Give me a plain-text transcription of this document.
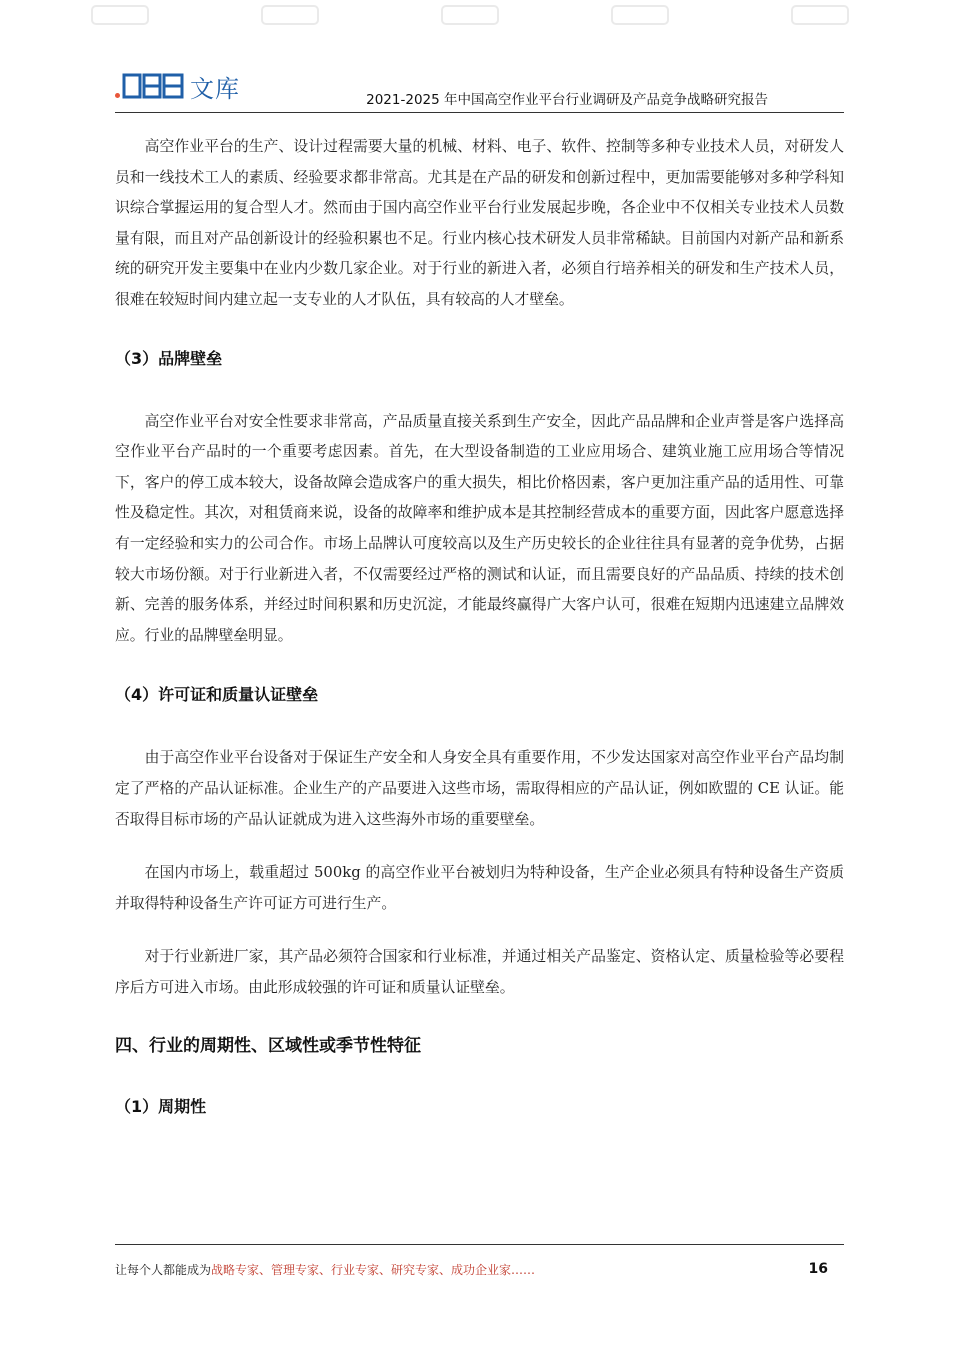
文库	2021-2025 年中国高空作业平台行业调研及产品竞争战略研究报告

高空作业平台的生产、设计过程需要大量的机械、材料、电子、软件、控制等多种专业技术人员，对研发人员和一线技术工人的素质、经验要求都非常高。尤其是在产品的研发和创新过程中，更加需要能够对多种学科知识综合掌握运用的复合型人才。然而由于国内高空作业平台行业发展起步晚，各企业中不仅相关专业技术人员数量有限，而且对产品创新设计的经验积累也不足。行业内核心技术研发人员非常稀缺。目前国内对新产品和新系统的研究开发主要集中在业内少数几家企业。对于行业的新进入者，必须自行培养相关的研发和生产技术人员，很难在较短时间内建立起一支专业的人才队伍，具有较高的人才壁垒。

（3）品牌壁垒

高空作业平台对安全性要求非常高，产品质量直接关系到生产安全，因此产品品牌和企业声誉是客户选择高空作业平台产品时的一个重要考虑因素。首先，在大型设备制造的工业应用场合、建筑业施工应用场合等情况下，客户的停工成本较大，设备故障会造成客户的重大损失，相比价格因素，客户更加注重产品的适用性、可靠性及稳定性。其次，对租赁商来说，设备的故障率和维护成本是其控制经营成本的重要方面，因此客户愿意选择有一定经验和实力的公司合作。市场上品牌认可度较高以及生产历史较长的企业往往具有显著的竞争优势，占据较大市场份额。对于行业新进入者，不仅需要经过严格的测试和认证，而且需要良好的产品品质、持续的技术创新、完善的服务体系，并经过时间积累和历史沉淀，才能最终赢得广大客户认可，很难在短期内迅速建立品牌效应。行业的品牌壁垒明显。

（4）许可证和质量认证壁垒

由于高空作业平台设备对于保证生产安全和人身安全具有重要作用，不少发达国家对高空作业平台产品均制定了严格的产品认证标准。企业生产的产品要进入这些市场，需取得相应的产品认证，例如欧盟的 CE 认证。能否取得目标市场的产品认证就成为进入这些海外市场的重要壁垒。

在国内市场上，载重超过 500kg 的高空作业平台被划归为特种设备，生产企业必须具有特种设备生产资质并取得特种设备生产许可证方可进行生产。

对于行业新进厂家，其产品必须符合国家和行业标准，并通过相关产品鉴定、资格认定、质量检验等必要程序后方可进入市场。由此形成较强的许可证和质量认证壁垒。

四、行业的周期性、区域性或季节性特征
（1）周期性
让每个人都能成为战略专家、管理专家、行业专家、研究专家、成功企业家……	16
